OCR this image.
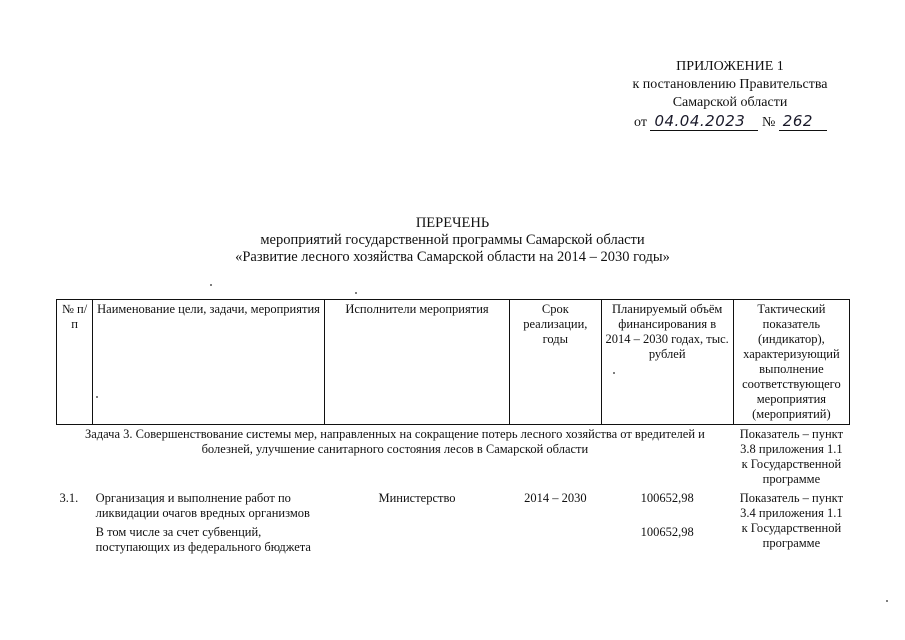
ПРИЛОЖЕНИЕ 1
к постановлению Правительства
Самарской области
от 04.04.2023 № 262
ПЕРЕЧЕНЬ
мероприятий государственной программы Самарской области
«Развитие лесного хозяйства Самарской области на 2014 – 2030 годы»
№ п/п	Наименование цели, задачи, мероприятия	Исполнители мероприятия	Срок реализации, годы	Планируемый объём финансирования в 2014 – 2030 годах, тыс. рублей	Тактический показатель (индикатор), характеризующий выполнение соответствующего мероприятия (мероприятий)
Задача 3. Совершенствование системы мер, направленных на сокращение потерь лесного хозяйства от вредителей и болезней, улучшение санитарного состояния лесов в Самарской области					Показатель – пункт 3.8 приложения 1.1 к Государственной программе
3.1.	Организация и выполнение работ по ликвидации очагов вредных организмов	Министерство	2014 – 2030	100652,98	Показатель – пункт 3.4 приложения 1.1 к Государственной программе
	В том числе за счет субвенций, поступающих из федерального бюджета			100652,98	
